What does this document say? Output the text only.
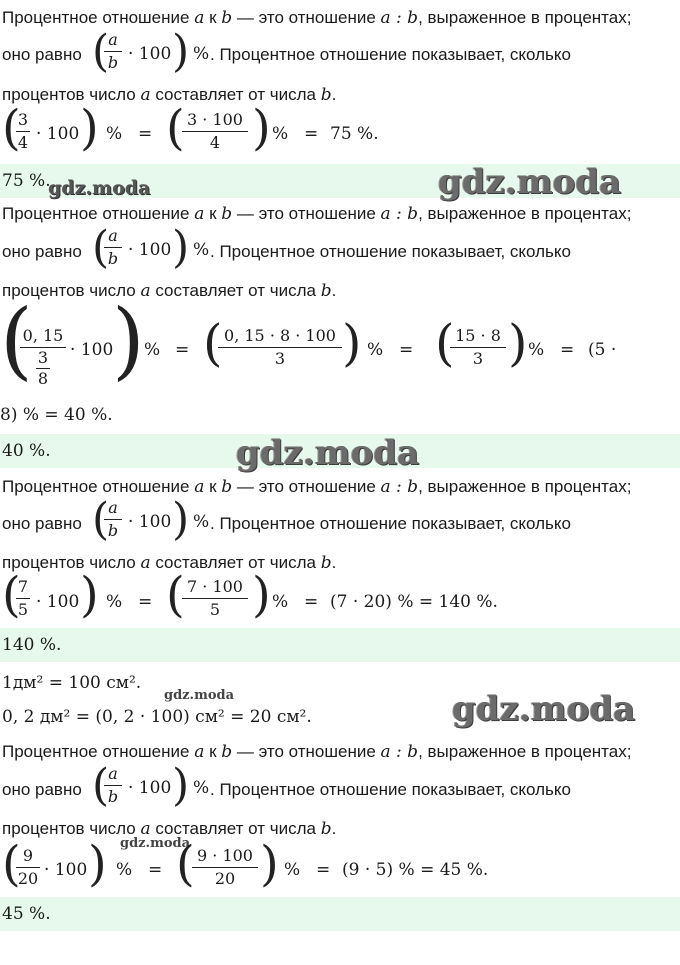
Процентное отношение a к b — это отношение a : b, выраженное в процентах;
оно равно ( a
b · 100 ) % . Процентное отношение показывает, сколько
процентов число a составляет от числа b.
(
3
4 · 100 ) % = ( 3 · 100
4 ) % = 75 %.
75 %.
gdz.moda	gdz.moda
Процентное отношение a к b — это отношение a : b, выраженное в процентах;
оно равно ( a
b · 100 ) % . Процентное отношение показывает, сколько
процентов число a составляет от числа b.
(
0, 15
3
8
· 100
) % = ( 0, 15 · 8 · 100
3	) % = ( 15 · 8
3 ) % = (5 ·
8) % = 40 %.
40 %.	gdz.moda
Процентное отношение a к b — это отношение a : b, выраженное в процентах;
оно равно ( a
b · 100 ) % . Процентное отношение показывает, сколько
процентов число a составляет от числа b.
(
7
5 · 100 ) % = ( 7 · 100
5 ) % = (7 · 20) % = 140 %.
140 %.
1дм² = 100 см².
gdz.moda
0, 2 дм² = (0, 2 · 100) см² = 20 см².	gdz.moda
Процентное отношение a к b — это отношение a : b, выраженное в процентах;
оно равно ( a
b · 100 ) % . Процентное отношение показывает, сколько
процентов число a составляет от числа b.
( 9
20 · 100 ) gdz.moda
% = ( 9 · 100
20 ) % = (9 · 5) % = 45 %.
45 %.
